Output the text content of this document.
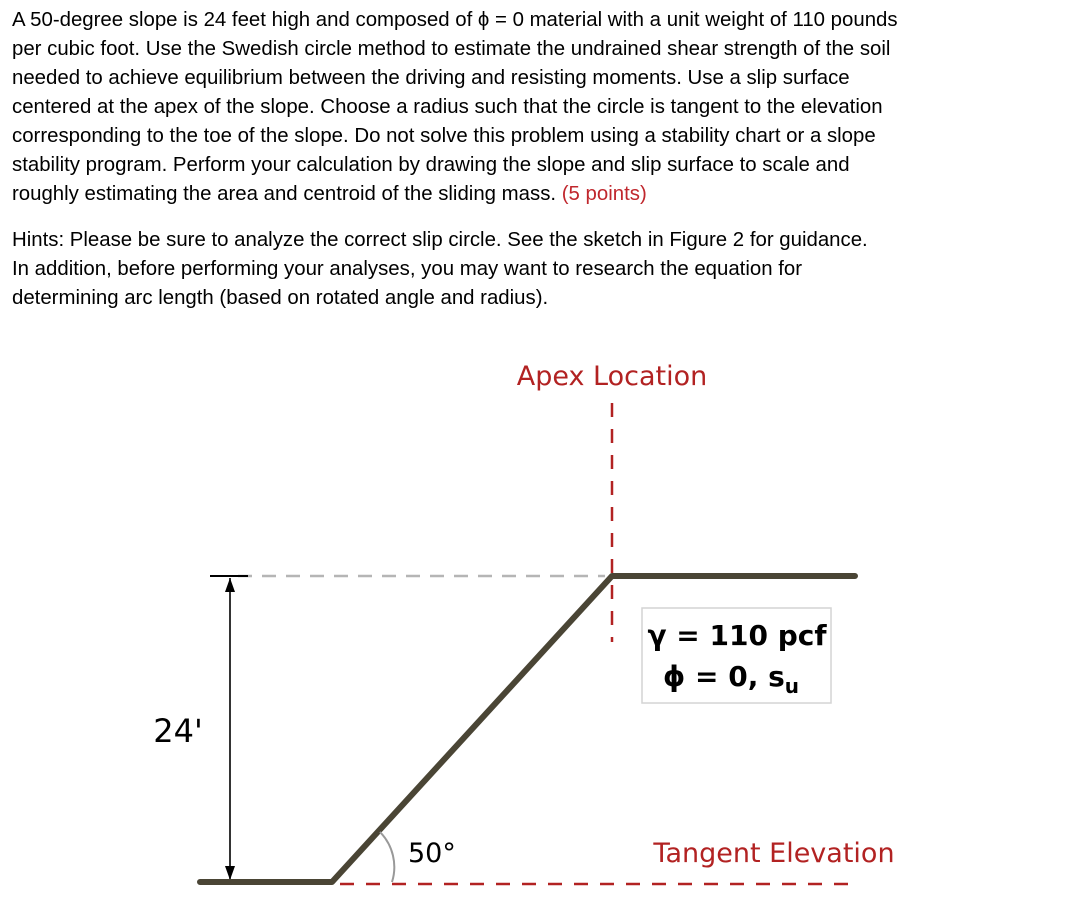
A 50-degree slope is 24 feet high and composed of ϕ = 0 material with a unit weight of 110 pounds
per cubic foot. Use the Swedish circle method to estimate the undrained shear strength of the soil
needed to achieve equilibrium between the driving and resisting moments. Use a slip surface
centered at the apex of the slope. Choose a radius such that the circle is tangent to the elevation
corresponding to the toe of the slope. Do not solve this problem using a stability chart or a slope
stability program. Perform your calculation by drawing the slope and slip surface to scale and
roughly estimating the area and centroid of the sliding mass. (5 points)
Hints: Please be sure to analyze the correct slip circle. See the sketch in Figure 2 for guidance.
In addition, before performing your analyses, you may want to research the equation for
determining arc length (based on rotated angle and radius).
Apex Location
24'
50°	Tangent Elevation
γ = 110 pcf
ϕ = 0, $s_u$
